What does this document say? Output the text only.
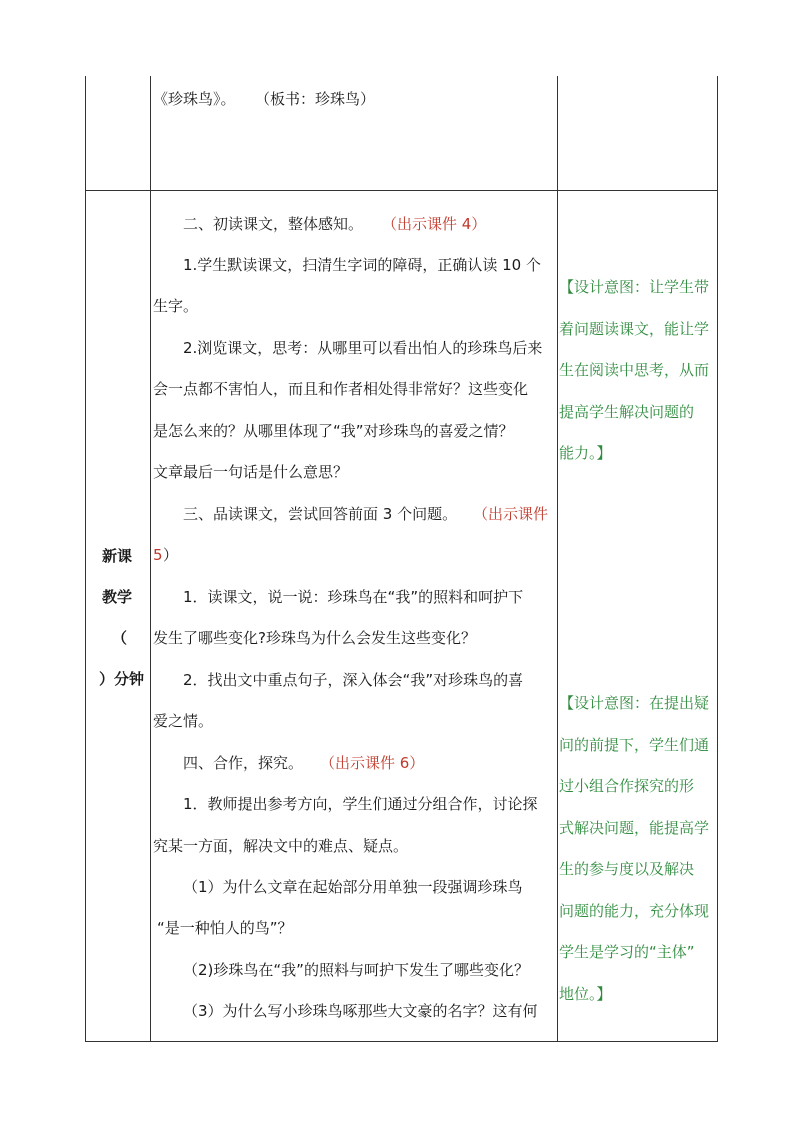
《珍珠鸟》。 （板书：珍珠鸟）
新课
教学
（
）分钟
二、初读课文，整体感知。 （出示课件 4）
1.学生默读课文，扫清生字词的障碍，正确认读 10 个
生字。
2.浏览课文，思考：从哪里可以看出怕人的珍珠鸟后来
会一点都不害怕人，而且和作者相处得非常好？这些变化
是怎么来的？从哪里体现了“我”对珍珠鸟的喜爱之情？
文章最后一句话是什么意思？
三、品读课文，尝试回答前面 3 个问题。 （出示课件
5 ）
1．读课文，说一说：珍珠鸟在“我”的照料和呵护下
发生了哪些变化?珍珠鸟为什么会发生这些变化？
2．找出文中重点句子，深入体会“我”对珍珠鸟的喜
爱之情。
四、合作，探究。 （出示课件 6）
1．教师提出参考方向，学生们通过分组合作，讨论探
究某一方面，解决文中的难点、疑点。
（1）为什么文章在起始部分用单独一段强调珍珠鸟
“是一种怕人的鸟”？
（2)珍珠鸟在“我”的照料与呵护下发生了哪些变化？
（3）为什么写小珍珠鸟啄那些大文豪的名字？这有何
【设计意图：让学生带
着问题读课文，能让学
生在阅读中思考，从而
提高学生解决问题的
能力。】
【设计意图：在提出疑
问的前提下，学生们通
过小组合作探究的形
式解决问题，能提高学
生的参与度以及解决
问题的能力，充分体现
学生是学习的“主体”
地位。】
